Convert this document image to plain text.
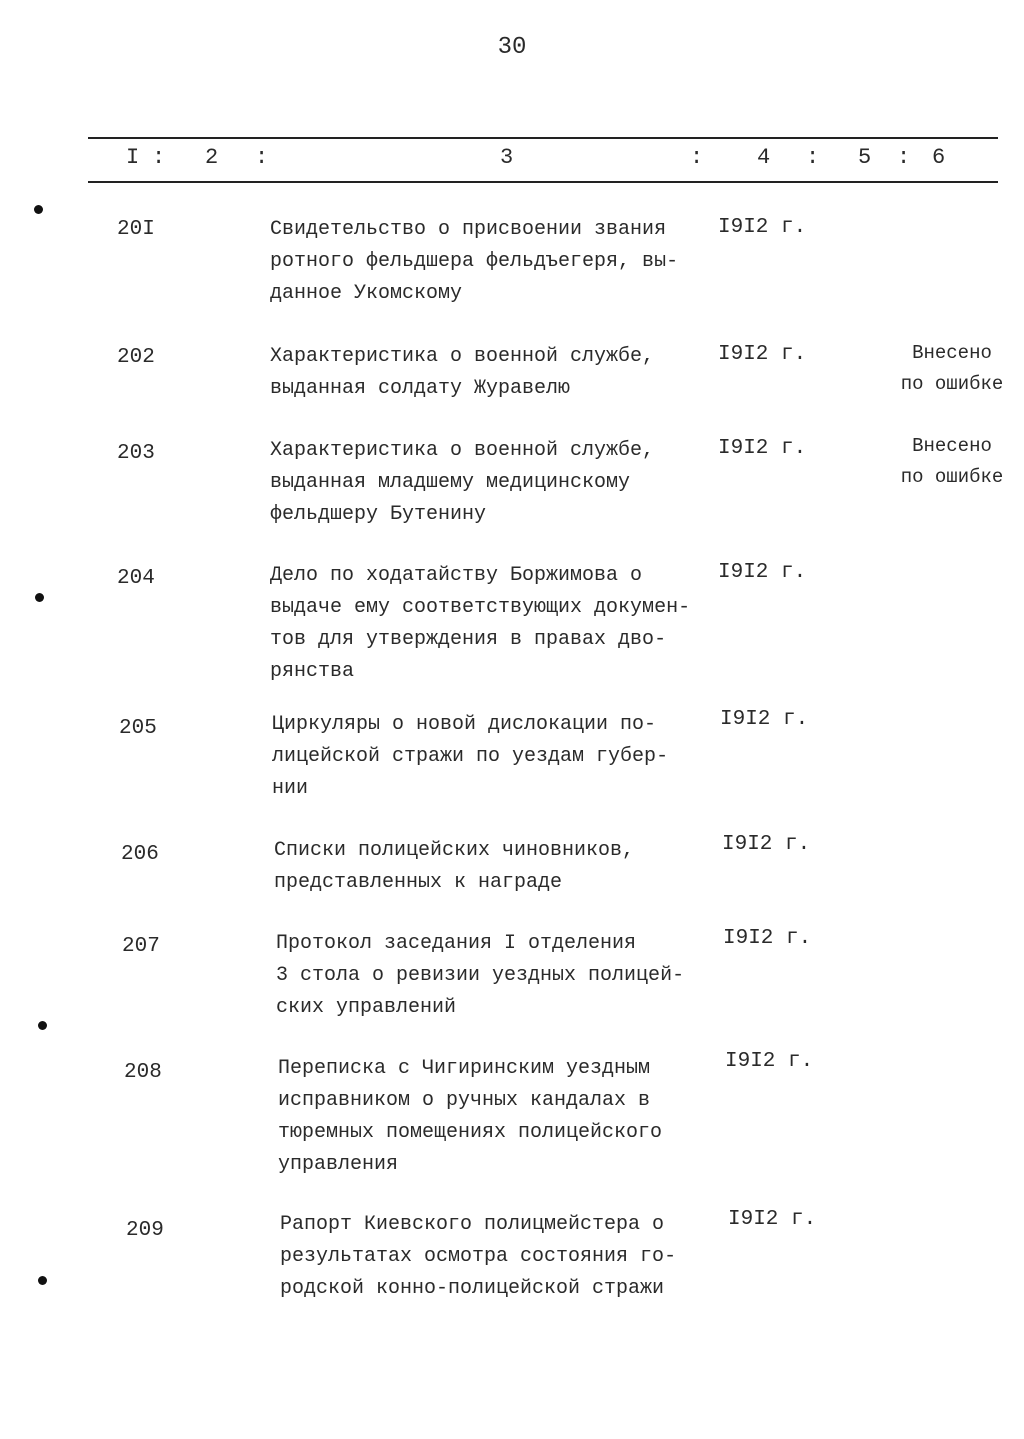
30
I : 2 :	3	: 4 : 5 : 6
20I	Свидетельство о присвоении звания
ротного фельдшера фельдъегеря, вы-
данное Укомскому
I9I2 г.
202	Характеристика о военной службе,
выданная солдату Журавелю
I9I2 г.	Внесено
по ошибке
203	Характеристика о военной службе,
выданная младшему медицинскому
фельдшеру Бутенину
I9I2 г.	Внесено
по ошибке
204	Дело по ходатайству Боржимова о
выдаче ему соответствующих докумен-
тов для утверждения в правах дво-
рянства
I9I2 г.
205	Циркуляры о новой дислокации по-
лицейской стражи по уездам губер-
нии
I9I2 г.
206	Списки полицейских чиновников,
представленных к награде
I9I2 г.
207	Протокол заседания I отделения
3 стола о ревизии уездных полицей-
ских управлений
I9I2 г.
208	Переписка с Чигиринским уездным
исправником о ручных кандалах в
тюремных помещениях полицейского
управления
I9I2 г.
209	Рапорт Киевского полицмейстера о
результатах осмотра состояния го-
родской конно-полицейской стражи
I9I2 г.
